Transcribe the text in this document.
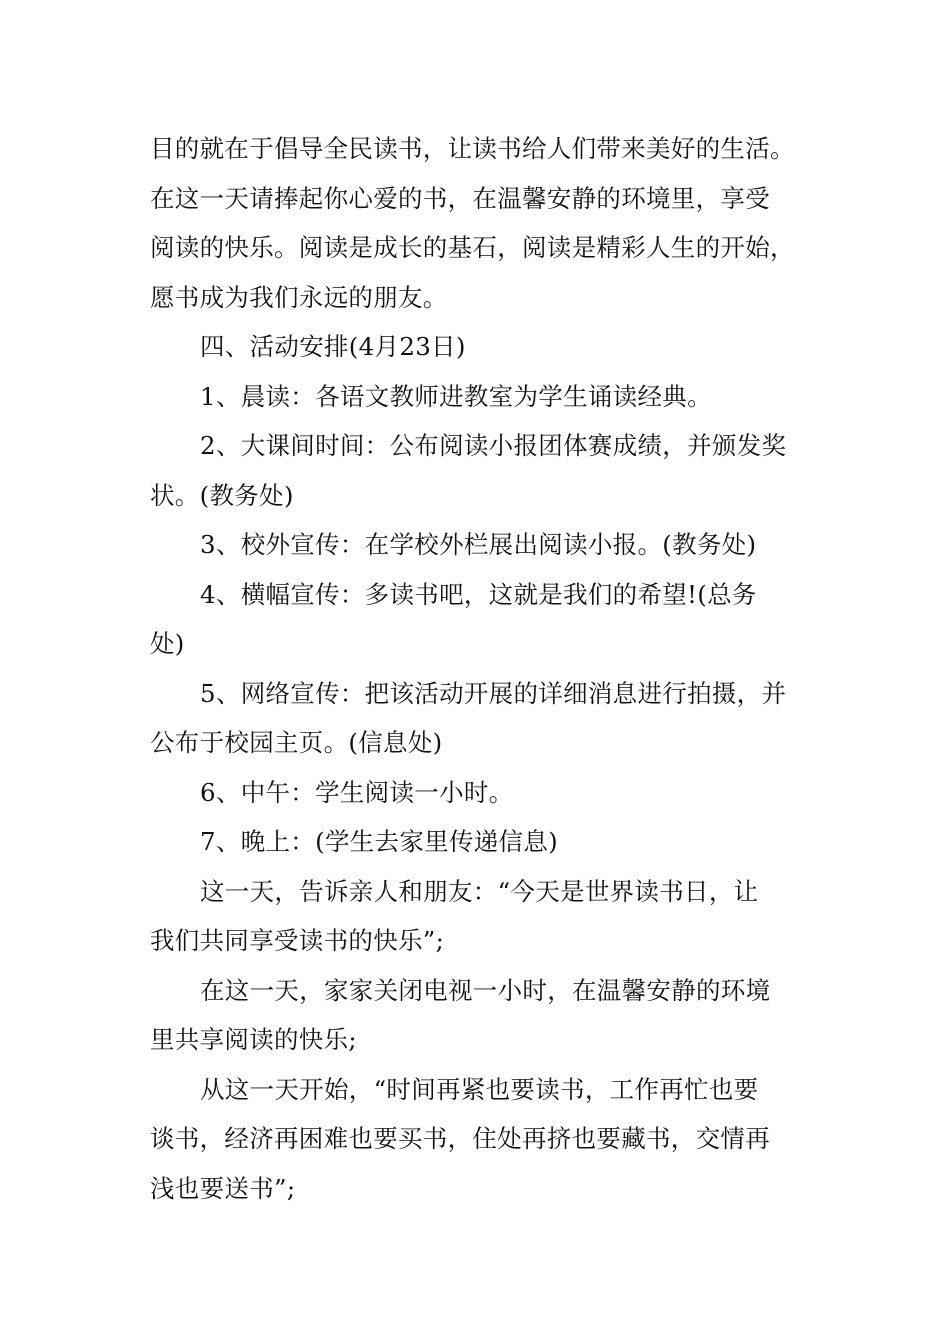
目的就在于倡导全民读书，让读书给人们带来美好的生活。

在这一天请捧起你心爱的书，在温馨安静的环境里，享受

阅读的快乐。阅读是成长的基石，阅读是精彩人生的开始，

愿书成为我们永远的朋友。

四、活动安排(4月23日)

1、晨读：各语文教师进教室为学生诵读经典。

2、大课间时间：公布阅读小报团体赛成绩，并颁发奖

状。(教务处)

3、校外宣传：在学校外栏展出阅读小报。(教务处)

4、横幅宣传：多读书吧，这就是我们的希望!(总务

处)

5、网络宣传：把该活动开展的详细消息进行拍摄，并

公布于校园主页。(信息处)

6、中午：学生阅读一小时。

7、晚上：(学生去家里传递信息)

这一天，告诉亲人和朋友：“今天是世界读书日，让

我们共同享受读书的快乐”;

在这一天，家家关闭电视一小时，在温馨安静的环境

里共享阅读的快乐;

从这一天开始，“时间再紧也要读书，工作再忙也要

谈书，经济再困难也要买书，住处再挤也要藏书，交情再

浅也要送书”;
